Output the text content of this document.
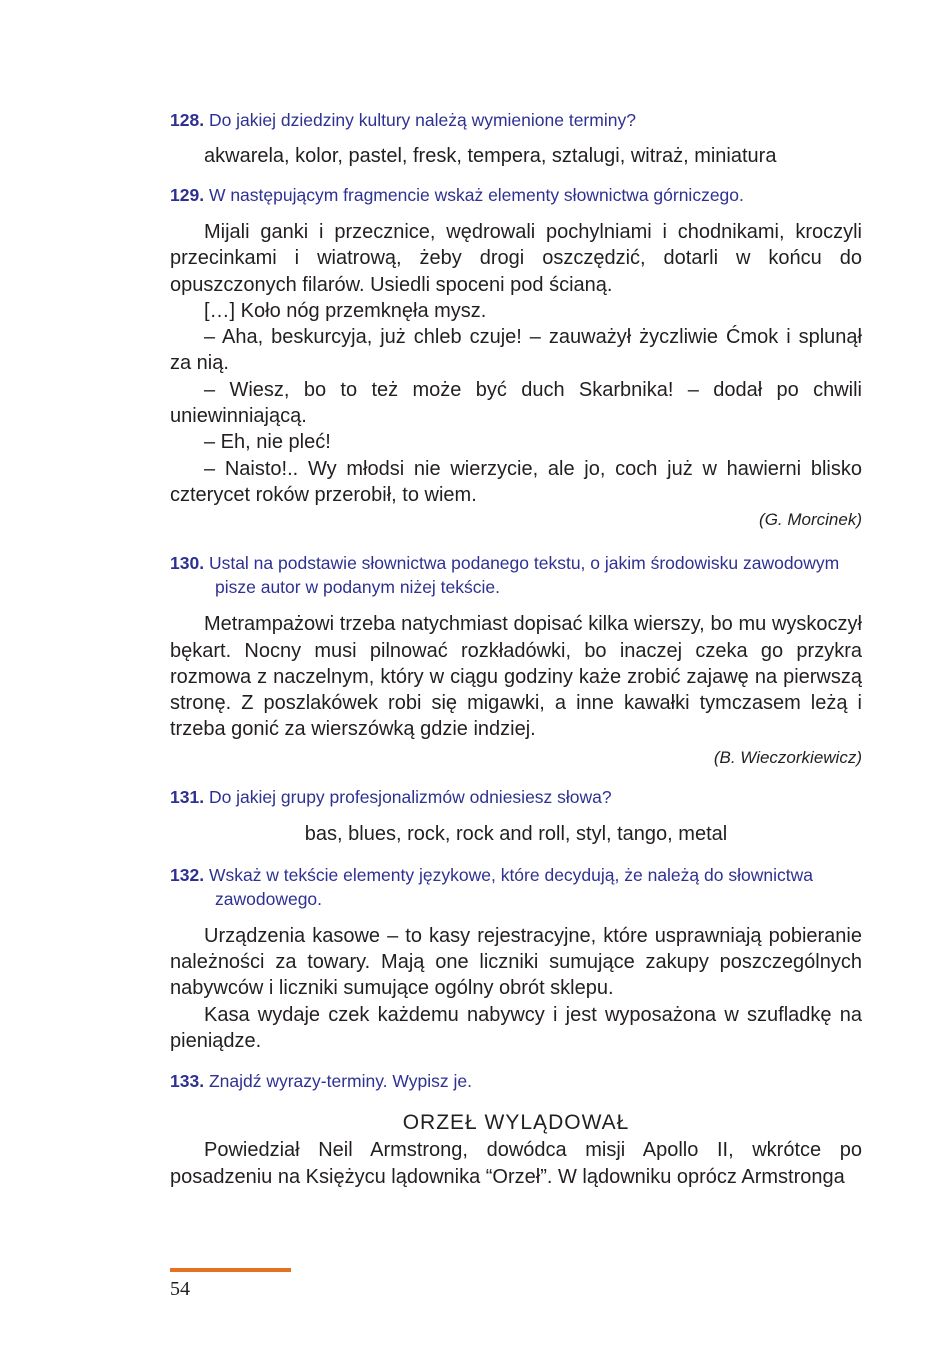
128. Do jakiej dziedziny kultury należą wymienione terminy?

akwarela, kolor, pastel, fresk, tempera, sztalugi, witraż, miniatura

129. W następującym fragmencie wskaż elementy słownictwa górniczego.

Mijali ganki i przecznice, wędrowali pochylniami i chodnikami, kroczyli przecinkami i wiatrową, żeby drogi oszczędzić, dotarli w końcu do opuszczonych filarów. Usiedli spoceni pod ścianą.

[…] Koło nóg przemknęła mysz.

– Aha, beskurcyja, już chleb czuje! – zauważył życzliwie Ćmok i splunął za nią.

– Wiesz, bo to też może być duch Skarbnika! – dodał po chwili uniewinniającą.

– Eh, nie pleć!

– Naisto!.. Wy młodsi nie wierzycie, ale jo, coch już w hawierni blisko czterycet roków przerobił, to wiem.

(G. Morcinek)

130. Ustal na podstawie słownictwa podanego tekstu, o jakim środowisku zawodowym pisze autor w podanym niżej tekście.

Metrampażowi trzeba natychmiast dopisać kilka wierszy, bo mu wyskoczył bękart. Nocny musi pilnować rozkładówki, bo inaczej czeka go przykra rozmowa z naczelnym, który w ciągu godziny każe zrobić zajawę na pierwszą stronę. Z poszlakówek robi się migawki, a inne kawałki tymczasem leżą i trzeba gonić za wierszówką gdzie indziej.

(B. Wieczorkiewicz)

131. Do jakiej grupy profesjonalizmów odniesiesz słowa?

bas, blues, rock, rock and roll, styl, tango, metal

132. Wskaż w tekście elementy językowe, które decydują, że należą do słownictwa zawodowego.

Urządzenia kasowe – to kasy rejestracyjne, które usprawniają pobieranie należności za towary. Mają one liczniki sumujące zakupy poszczególnych nabywców i liczniki sumujące ogólny obrót sklepu.

Kasa wydaje czek każdemu nabywcy i jest wyposażona w szufladkę na pieniądze.

133. Znajdź wyrazy-terminy. Wypisz je.

ORZEŁ WYLĄDOWAŁ

Powiedział Neil Armstrong, dowódca misji Apollo II, wkrótce po posadzeniu na Księżycu lądownika “Orzeł”. W lądowniku oprócz Armstronga

54
